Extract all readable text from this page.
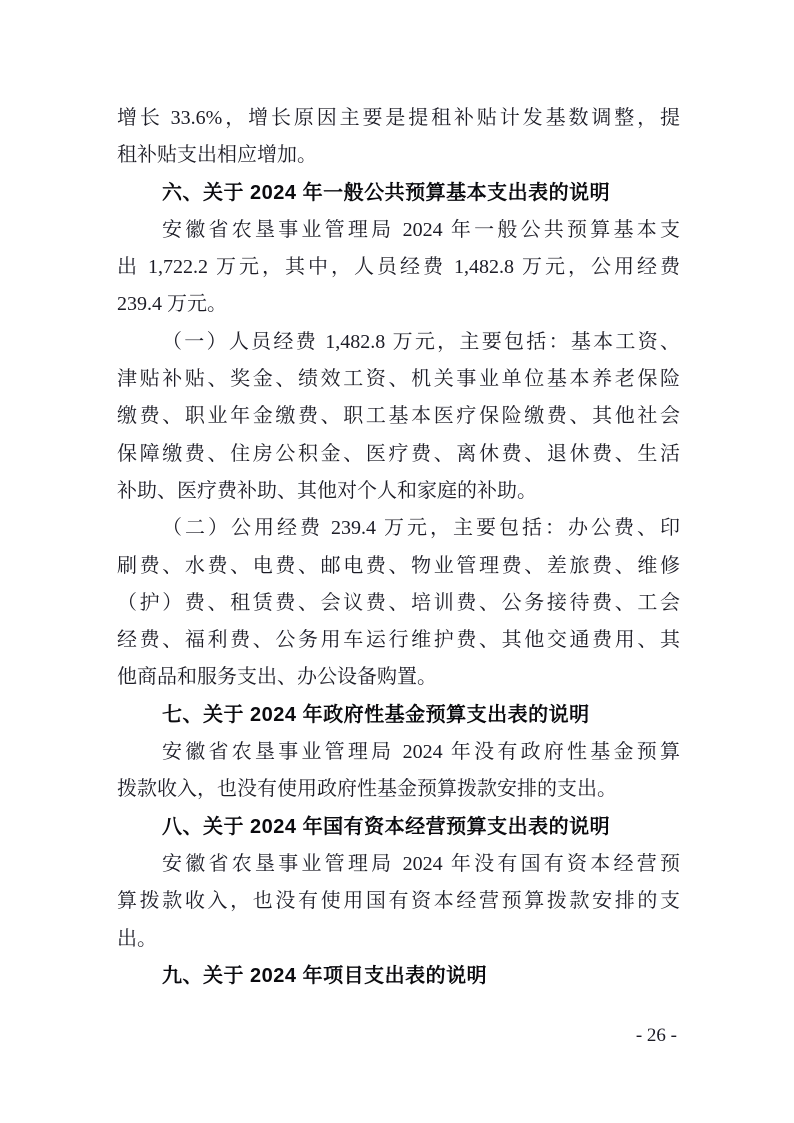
增长 33.6%，增长原因主要是提租补贴计发基数调整，提
租补贴支出相应增加。
六、关于 2024 年一般公共预算基本支出表的说明
安徽省农垦事业管理局 2024 年一般公共预算基本支
出 1,722.2 万元，其中，人员经费 1,482.8 万元，公用经费
239.4 万元。
（一）人员经费 1,482.8 万元，主要包括：基本工资、
津贴补贴、奖金、绩效工资、机关事业单位基本养老保险
缴费、职业年金缴费、职工基本医疗保险缴费、其他社会
保障缴费、住房公积金、医疗费、离休费、退休费、生活
补助、医疗费补助、其他对个人和家庭的补助。
（二）公用经费 239.4 万元，主要包括：办公费、印
刷费、水费、电费、邮电费、物业管理费、差旅费、维修
（护）费、租赁费、会议费、培训费、公务接待费、工会
经费、福利费、公务用车运行维护费、其他交通费用、其
他商品和服务支出、办公设备购置。
七、关于 2024 年政府性基金预算支出表的说明
安徽省农垦事业管理局 2024 年没有政府性基金预算
拨款收入，也没有使用政府性基金预算拨款安排的支出。
八、关于 2024 年国有资本经营预算支出表的说明
安徽省农垦事业管理局 2024 年没有国有资本经营预
算拨款收入，也没有使用国有资本经营预算拨款安排的支
出。
九、关于 2024 年项目支出表的说明
- 26 -
